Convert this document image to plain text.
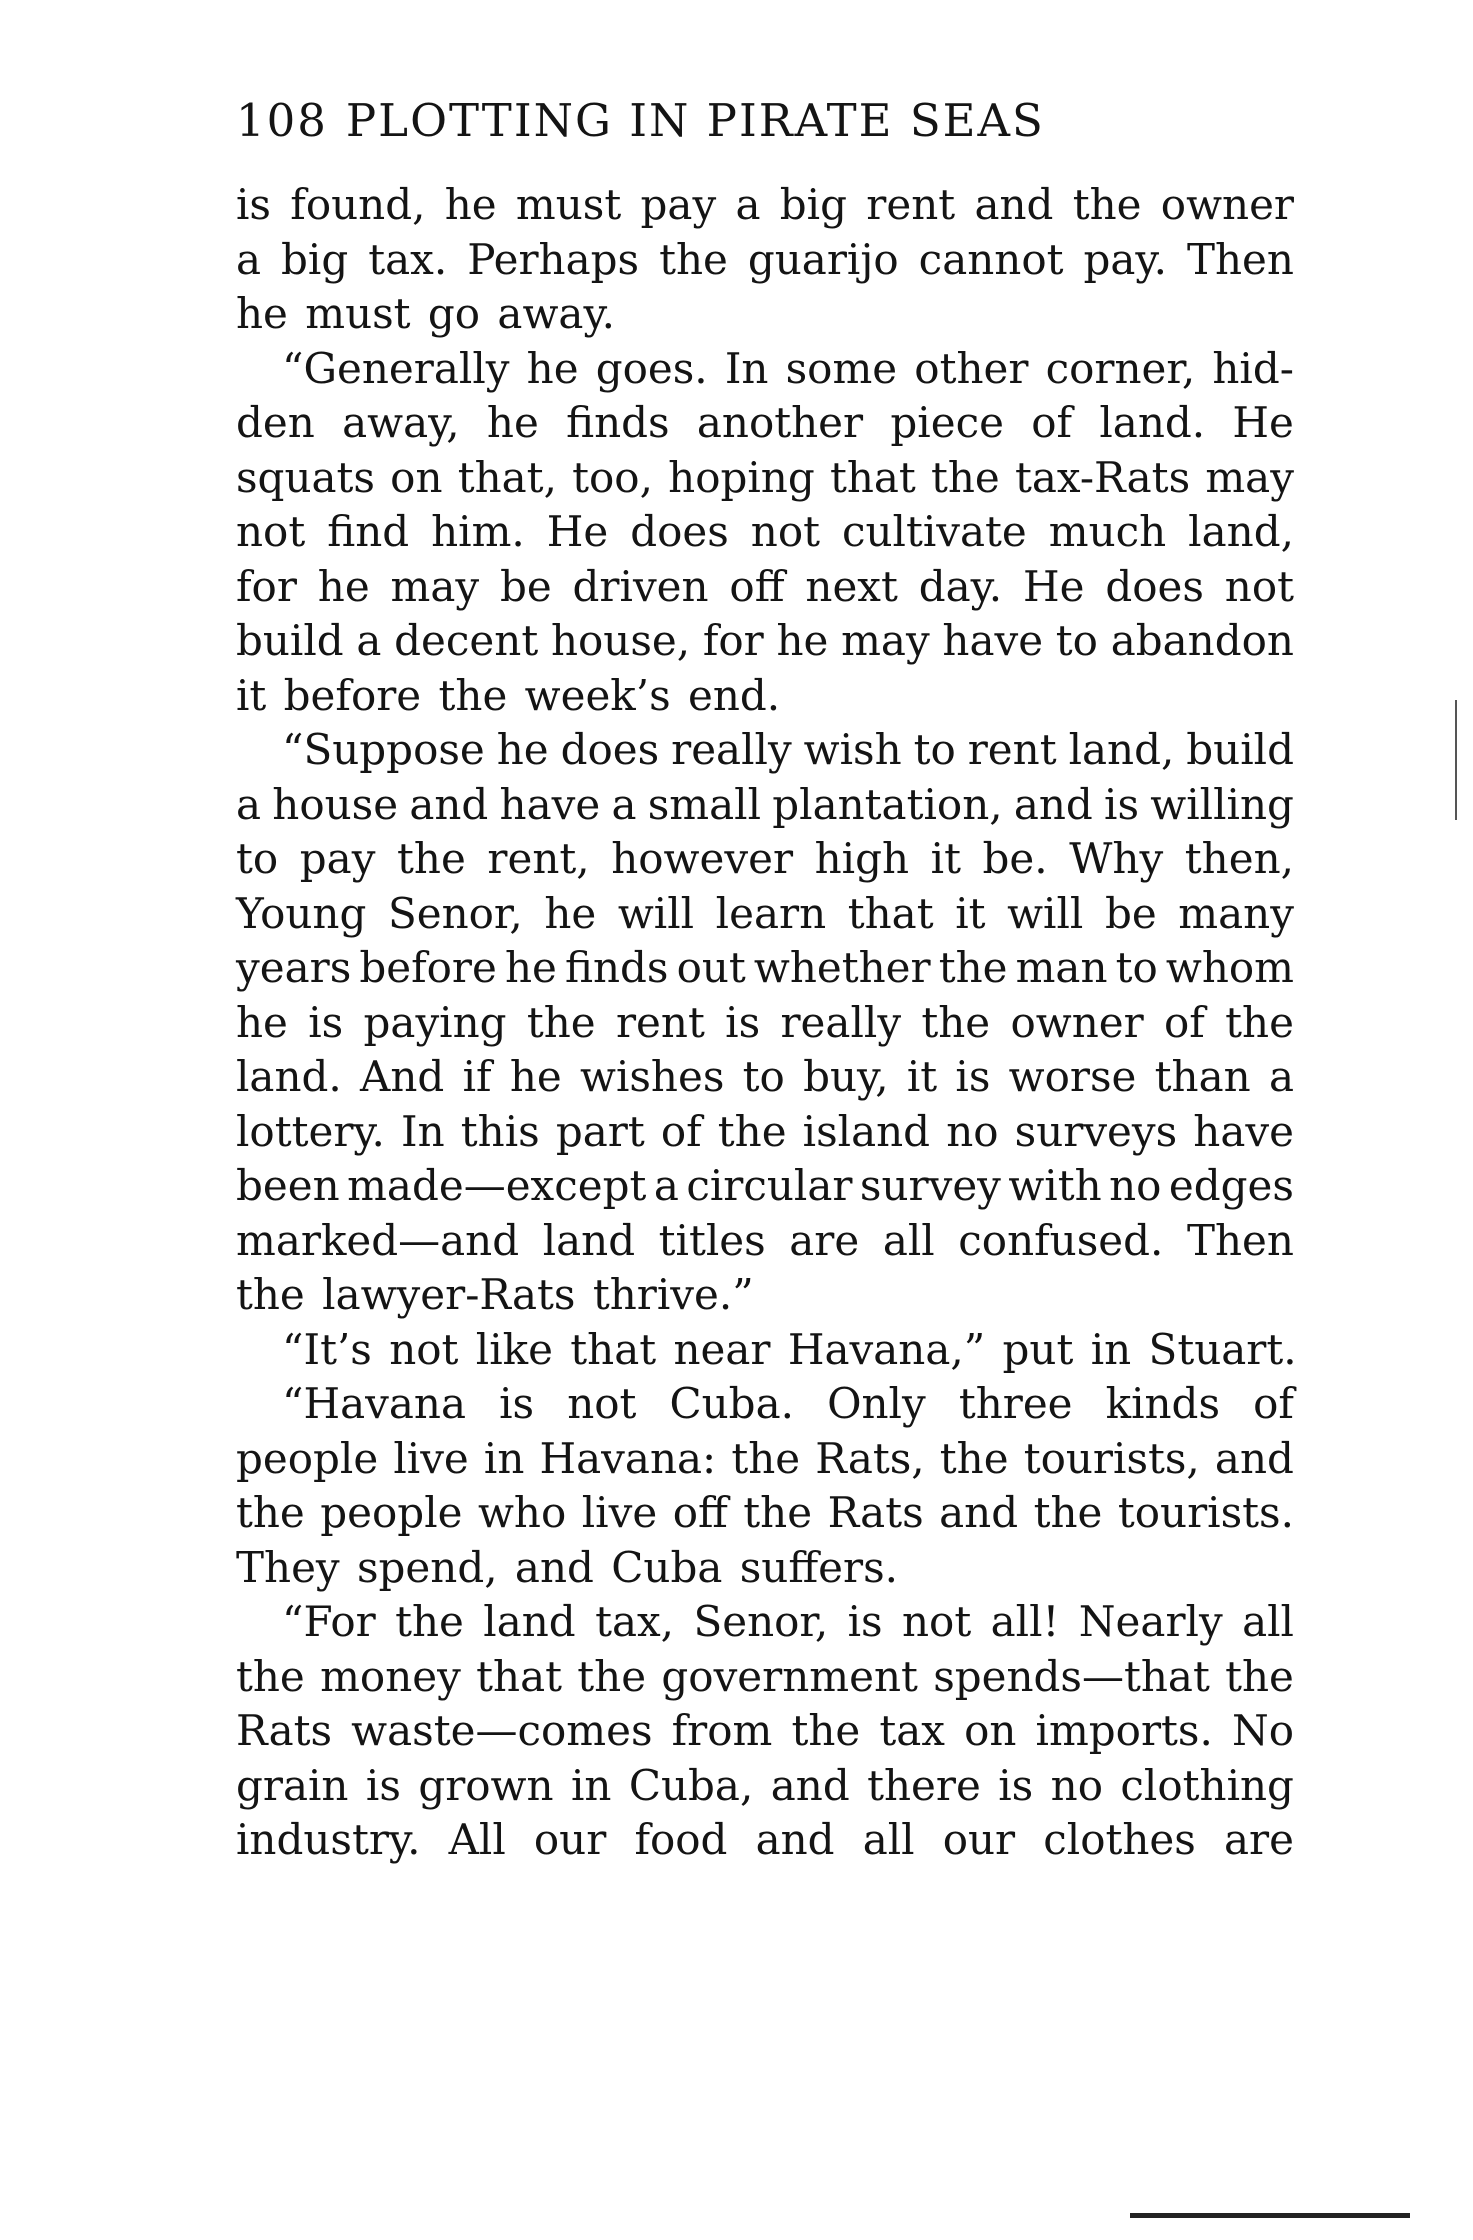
108 PLOTTING IN PIRATE SEAS
is found, he must pay a big rent and the owner
a big tax. Perhaps the guarijo cannot pay. Then
he must go away.
“Generally he goes. In some other corner, hid-
den away, he finds another piece of land. He
squats on that, too, hoping that the tax-Rats may
not find him. He does not cultivate much land,
for he may be driven off next day. He does not
build a decent house, for he may have to abandon
it before the week’s end.
“Suppose he does really wish to rent land, build
a house and have a small plantation, and is willing
to pay the rent, however high it be. Why then,
Young Senor, he will learn that it will be many
years before he finds out whether the man to whom
he is paying the rent is really the owner of the
land. And if he wishes to buy, it is worse than a
lottery. In this part of the island no surveys have
been made—except a circular survey with no edges
marked—and land titles are all confused. Then
the lawyer-Rats thrive.”
“It’s not like that near Havana,” put in Stuart.
“Havana is not Cuba. Only three kinds of
people live in Havana: the Rats, the tourists, and
the people who live off the Rats and the tourists.
They spend, and Cuba suffers.
“For the land tax, Senor, is not all! Nearly all
the money that the government spends—that the
Rats waste—comes from the tax on imports. No
grain is grown in Cuba, and there is no clothing
industry. All our food and all our clothes are
